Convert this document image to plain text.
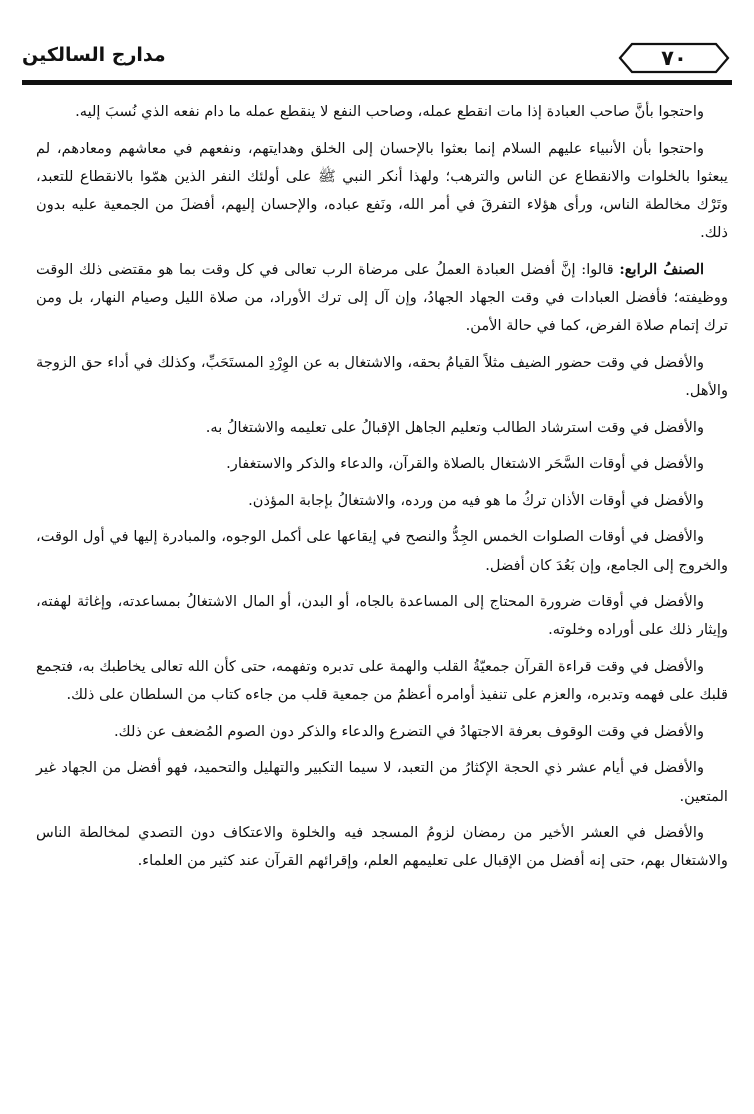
٧٠
مدارج السالكين

واحتجوا بأنَّ صاحب العبادة إذا مات انقطع عمله، وصاحب النفع لا ينقطع عمله ما دام نفعه الذي نُسبَ إليه.

واحتجوا بأن الأنبياء عليهم السلام إنما بعثوا بالإحسان إلى الخلق وهدايتهم، ونفعهم في معاشهم ومعادهم، لم يبعثوا بالخلوات والانقطاع عن الناس والترهب؛ ولهذا أنكر النبي ﷺ على أولئك النفر الذين همّوا بالانقطاع للتعبد، وتَرْك مخالطة الناس، ورأى هؤلاء التفرقَ في أمر الله، ونَفع عباده، والإحسان إليهم، أفضلَ من الجمعية عليه بدون ذلك.

الصنفُ الرابع: قالوا: إنَّ أفضل العبادة العملُ على مرضاة الرب تعالى في كل وقت بما هو مقتضى ذلك الوقت ووظيفته؛ فأفضل العبادات في وقت الجهاد الجهادُ، وإن آل إلى ترك الأوراد، من صلاة الليل وصيام النهار، بل ومن ترك إتمام صلاة الفرض، كما في حالة الأمن.

والأفضل في وقت حضور الضيف مثلاً القيامُ بحقه، والاشتغال به عن الوِرْدِ المستَحَبِّ، وكذلك في أداء حق الزوجة والأهل.

والأفضل في وقت استرشاد الطالب وتعليم الجاهل الإقبالُ على تعليمه والاشتغالُ به.

والأفضل في أوقات السَّحَر الاشتغال بالصلاة والقرآن، والدعاء والذكر والاستغفار.

والأفضل في أوقات الأذان تركُ ما هو فيه من ورده، والاشتغالُ بإجابة المؤذن.

والأفضل في أوقات الصلوات الخمس الجِدُّ والنصح في إيقاعها على أكمل الوجوه، والمبادرة إليها في أول الوقت، والخروج إلى الجامع، وإن بَعُدَ كان أفضل.

والأفضل في أوقات ضرورة المحتاج إلى المساعدة بالجاه، أو البدن، أو المال الاشتغالُ بمساعدته، وإغاثة لهفته، وإيثار ذلك على أوراده وخلوته.

والأفضل في وقت قراءة القرآن جمعيّةُ القلب والهمة على تدبره وتفهمه، حتى كأن الله تعالى يخاطبك به، فتجمع قلبك على فهمه وتدبره، والعزم على تنفيذ أوامره أعظمُ من جمعية قلب من جاءه كتاب من السلطان على ذلك.

والأفضل في وقت الوقوف بعرفة الاجتهادُ في التضرع والدعاء والذكر دون الصوم المُضعف عن ذلك.

والأفضل في أيام عشر ذي الحجة الإكثارُ من التعبد، لا سيما التكبير والتهليل والتحميد، فهو أفضل من الجهاد غير المتعين.

والأفضل في العشر الأخير من رمضان لزومُ المسجد فيه والخلوة والاعتكاف دون التصدي لمخالطة الناس والاشتغال بهم، حتى إنه أفضل من الإقبال على تعليمهم العلم، وإقرائهم القرآن عند كثير من العلماء.
